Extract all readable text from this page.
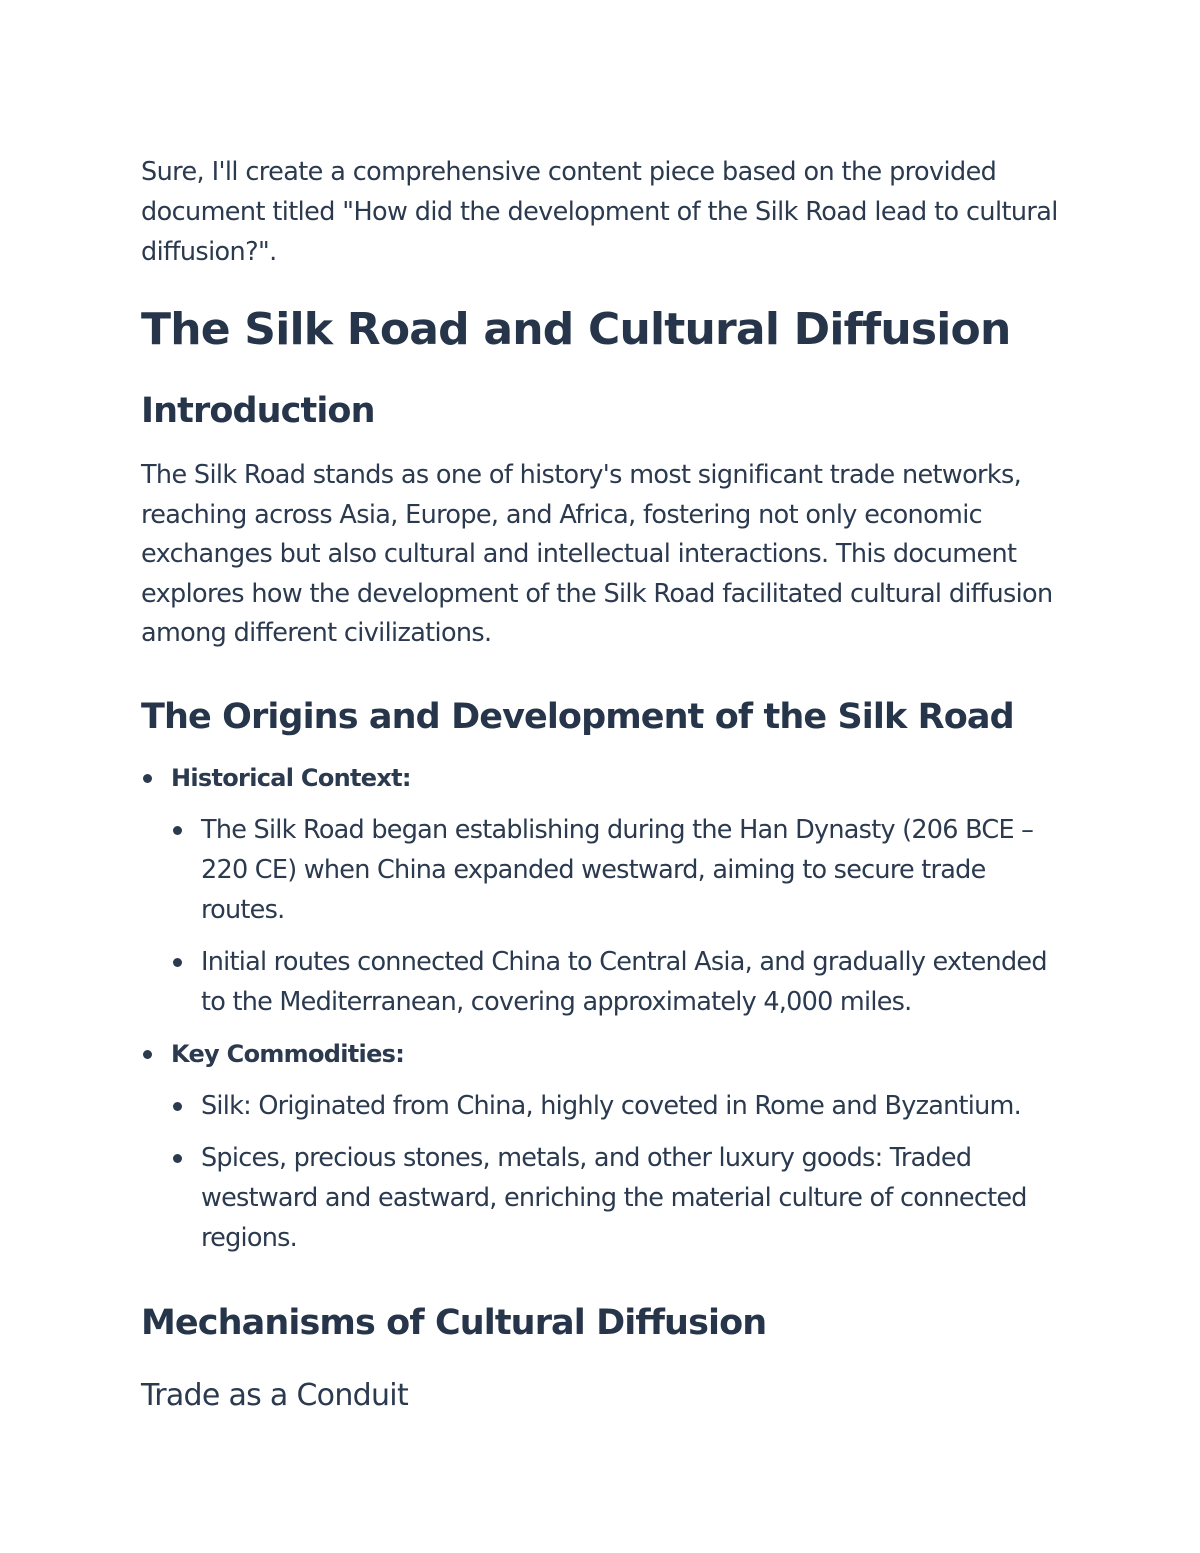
Sure, I'll create a comprehensive content piece based on the provided document titled "How did the development of the Silk Road lead to cultural diffusion?".

The Silk Road and Cultural Diffusion
Introduction

The Silk Road stands as one of history's most significant trade networks, reaching across Asia, Europe, and Africa, fostering not only economic exchanges but also cultural and intellectual interactions. This document explores how the development of the Silk Road facilitated cultural diffusion among different civilizations.

The Origins and Development of the Silk Road
Historical Context:
The Silk Road began establishing during the Han Dynasty (206 BCE – 220 CE) when China expanded westward, aiming to secure trade routes.
Initial routes connected China to Central Asia, and gradually extended to the Mediterranean, covering approximately 4,000 miles.
Key Commodities:
Silk: Originated from China, highly coveted in Rome and Byzantium.
Spices, precious stones, metals, and other luxury goods: Traded westward and eastward, enriching the material culture of connected regions.
Mechanisms of Cultural Diffusion
Trade as a Conduit
